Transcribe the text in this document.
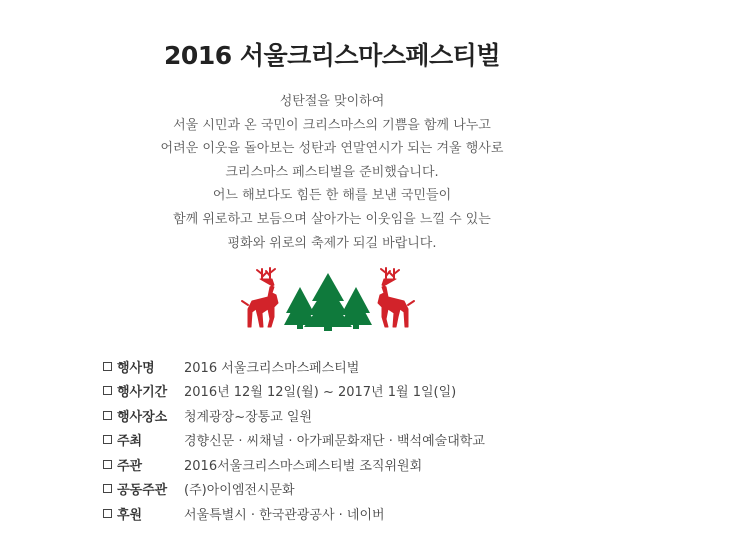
2016 서울크리스마스페스티벌
성탄절을 맞이하여
서울 시민과 온 국민이 크리스마스의 기쁨을 함께 나누고
어려운 이웃을 돌아보는 성탄과 연말연시가 되는 겨울 행사로
크리스마스 페스티벌을 준비했습니다.
어느 해보다도 힘든 한 해를 보낸 국민들이
함께 위로하고 보듬으며 살아가는 이웃임을 느낄 수 있는
평화와 위로의 축제가 되길 바랍니다.
행사명 2016 서울크리스마스페스티벌
행사기간 2016년 12월 12일(월) ~ 2017년 1월 1일(일)
행사장소 청계광장~장통교 일원
주최	경향신문 · 씨채널 · 아가페문화재단 · 백석예술대학교
주관	2016서울크리스마스페스티벌 조직위원회
공동주관 (주)아이엠전시문화
후원	서울특별시 · 한국관광공사 · 네이버
